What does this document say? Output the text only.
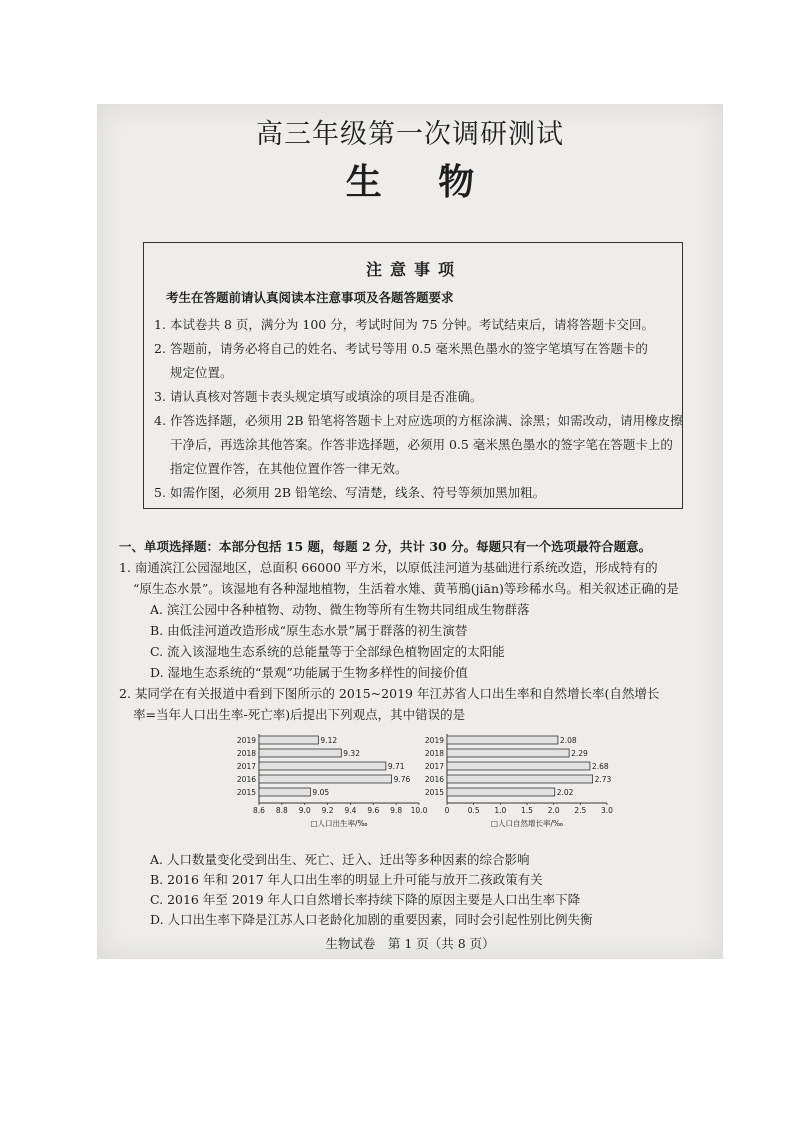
高三年级第一次调研测试
生 物
注意事项
考生在答题前请认真阅读本注意事项及各题答题要求
1. 本试卷共 8 页，满分为 100 分，考试时间为 75 分钟。考试结束后，请将答题卡交回。
2. 答题前，请务必将自己的姓名、考试号等用 0.5 毫米黑色墨水的签字笔填写在答题卡的
规定位置。
3. 请认真核对答题卡表头规定填写或填涂的项目是否准确。
4. 作答选择题，必须用 2B 铅笔将答题卡上对应选项的方框涂满、涂黑；如需改动，请用橡皮擦
干净后，再选涂其他答案。作答非选择题，必须用 0.5 毫米黑色墨水的签字笔在答题卡上的
指定位置作答，在其他位置作答一律无效。
5. 如需作图，必须用 2B 铅笔绘、写清楚，线条、符号等须加黑加粗。
一、单项选择题：本部分包括 15 题，每题 2 分，共计 30 分。每题只有一个选项最符合题意。
1. 南通滨江公园湿地区，总面积 66000 平方米，以原低洼河道为基础进行系统改造，形成特有的
“原生态水景”。该湿地有各种湿地植物，生活着水雉、黄苇鳽(jiān)等珍稀水鸟。相关叙述正确的是
A. 滨江公园中各种植物、动物、微生物等所有生物共同组成生物群落
B. 由低洼河道改造形成“原生态水景”属于群落的初生演替
C. 流入该湿地生态系统的总能量等于全部绿色植物固定的太阳能
D. 湿地生态系统的“景观”功能属于生物多样性的间接价值
2. 某同学在有关报道中看到下图所示的 2015~2019 年江苏省人口出生率和自然增长率(自然增长
率=当年人口出生率-死亡率)后提出下列观点，其中错误的是
2019	9.12
2018	9.32
2017	9.71
2016	9.76
2015	9.05
8.6 8.8 9.0 9.2 9.4 9.6 9.8 10.0
□人口出生率/‰
2019	2.08
2018	2.29
2017	2.68
2016	2.73
2015	2.02
0 0.5 1.0 1.5 2.0 2.5 3.0
□人口自然增长率/‰
A. 人口数量变化受到出生、死亡、迁入、迁出等多种因素的综合影响
B. 2016 年和 2017 年人口出生率的明显上升可能与放开二孩政策有关
C. 2016 年至 2019 年人口自然增长率持续下降的原因主要是人口出生率下降
D. 人口出生率下降是江苏人口老龄化加剧的重要因素，同时会引起性别比例失衡
生物试卷　第 1 页（共 8 页）
